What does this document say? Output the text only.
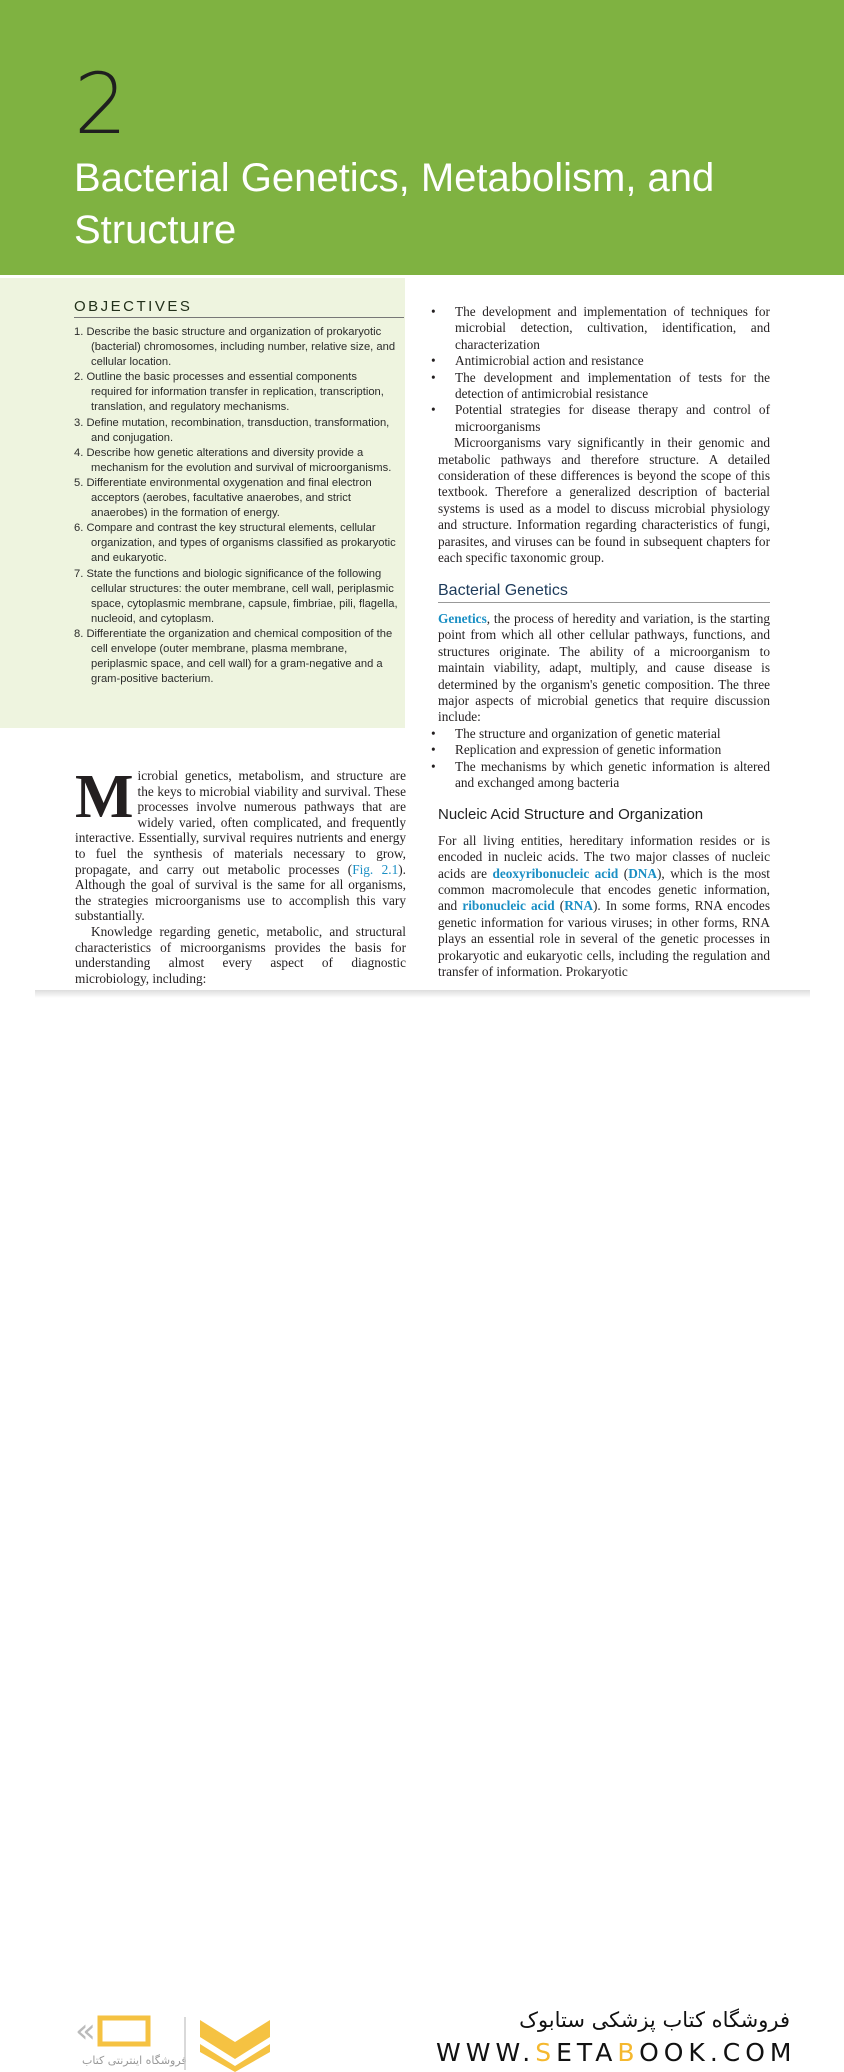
2
Bacterial Genetics, Metabolism, and Structure
OBJECTIVES
1. Describe the basic structure and organization of prokaryotic (bacterial) chromosomes, including number, relative size, and cellular location.
2. Outline the basic processes and essential components required for information transfer in replication, transcription, translation, and regulatory mechanisms.
3. Define mutation, recombination, transduction, transformation, and conjugation.
4. Describe how genetic alterations and diversity provide a mechanism for the evolution and survival of microorganisms.
5. Differentiate environmental oxygenation and final electron acceptors (aerobes, facultative anaerobes, and strict anaerobes) in the formation of energy.
6. Compare and contrast the key structural elements, cellular organization, and types of organisms classified as prokaryotic and eukaryotic.
7. State the functions and biologic significance of the following cellular structures: the outer membrane, cell wall, periplasmic space, cytoplasmic membrane, capsule, fimbriae, pili, flagella, nucleoid, and cytoplasm.
8. Differentiate the organization and chemical composition of the cell envelope (outer membrane, plasma membrane, periplasmic space, and cell wall) for a gram-negative and a gram-positive bacterium.

Microbial genetics, metabolism, and structure are the keys to microbial viability and survival. These processes involve numerous pathways that are widely varied, often complicated, and frequently interactive. Essentially, survival requires nutrients and energy to fuel the synthesis of materials necessary to grow, propagate, and carry out metabolic processes (Fig. 2.1). Although the goal of survival is the same for all organisms, the strategies microorganisms use to accomplish this vary substantially.

Knowledge regarding genetic, metabolic, and structural characteristics of microorganisms provides the basis for understanding almost every aspect of diagnostic microbiology, including:

• The development and implementation of techniques for microbial detection, cultivation, identification, and characterization
• Antimicrobial action and resistance
• The development and implementation of tests for the detection of antimicrobial resistance
• Potential strategies for disease therapy and control of microorganisms

Microorganisms vary significantly in their genomic and metabolic pathways and therefore structure. A detailed consideration of these differences is beyond the scope of this textbook. Therefore a generalized description of bacterial systems is used as a model to discuss microbial physiology and structure. Information regarding characteristics of fungi, parasites, and viruses can be found in subsequent chapters for each specific taxonomic group.

Bacterial Genetics

Genetics, the process of heredity and variation, is the starting point from which all other cellular pathways, functions, and structures originate. The ability of a microorganism to maintain viability, adapt, multiply, and cause disease is determined by the organism's genetic composition. The three major aspects of microbial genetics that require discussion include:

• The structure and organization of genetic material
• Replication and expression of genetic information
• The mechanisms by which genetic information is altered and exchanged among bacteria
Nucleic Acid Structure and Organization

For all living entities, hereditary information resides or is encoded in nucleic acids. The two major classes of nucleic acids are deoxyribonucleic acid (DNA), which is the most common macromolecule that encodes genetic information, and ribonucleic acid (RNA). In some forms, RNA encodes genetic information for various viruses; in other forms, RNA plays an essential role in several of the genetic processes in prokaryotic and eukaryotic cells, including the regulation and transfer of information. Prokaryotic

«
فروشگاه اینترنتی کتاب
فروشگاه کتاب پزشکی ستابوک
WWW.SETABOOK.COM
